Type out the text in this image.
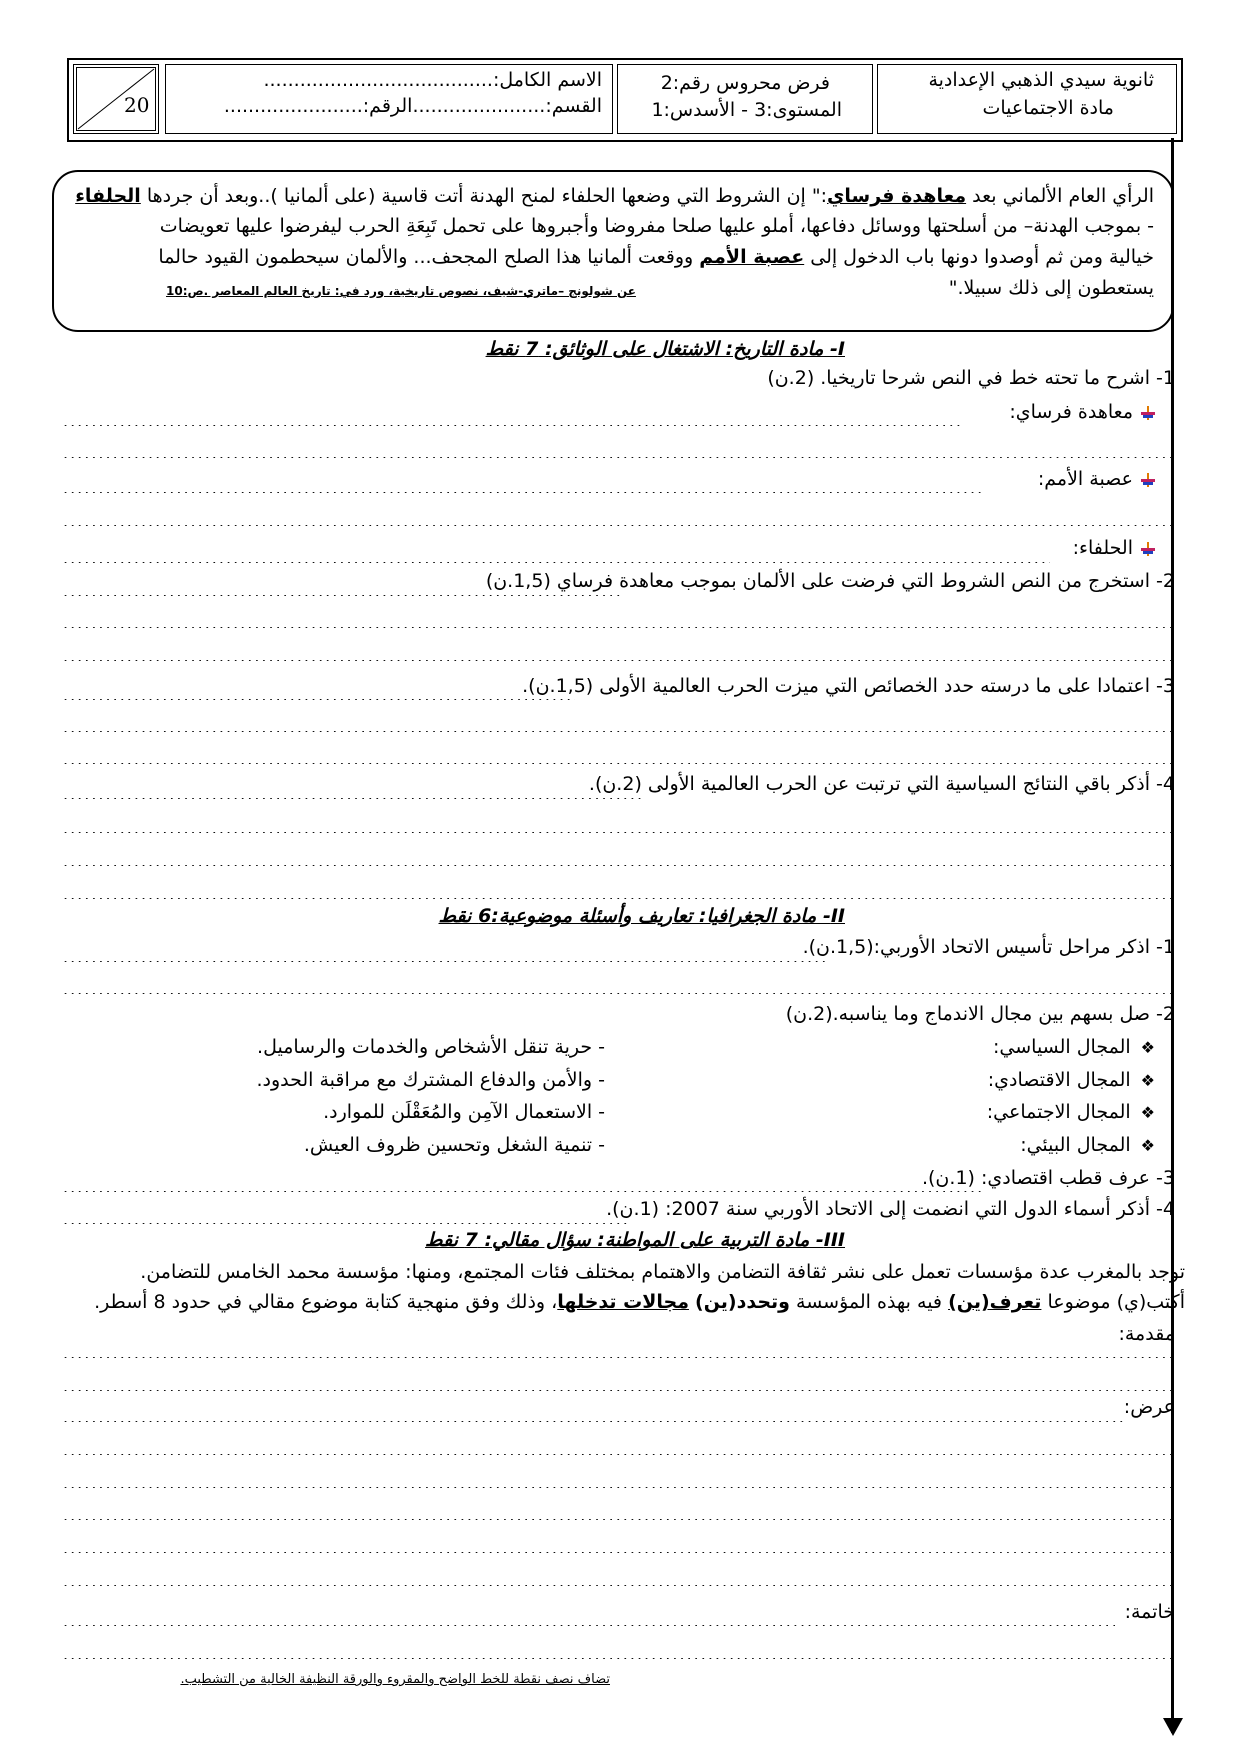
ثانوية سيدي الذهبي الإعدادية
مادة الاجتماعيات
فرض محروس رقم:2
المستوى:3 - الأسدس:1
الاسم الكامل:......................................
القسم:......................الرقم:.......................
20
الرأي العام الألماني بعد معاهدة فرساي:" إن الشروط التي وضعها الحلفاء لمنح الهدنة أتت قاسية (على ألمانيا )..وبعد أن جردها الحلفاء
- بموجب الهدنة– من أسلحتها ووسائل دفاعها، أملو عليها صلحا مفروضا وأجبروها على تحمل تَبِعَةِ الحرب ليفرضوا عليها تعويضات
خيالية ومن ثم أوصدوا دونها باب الدخول إلى عصبة الأمم ووقعت ألمانيا هذا الصلح المجحف... والألمان سيحطمون القيود حالما
يستعطون إلى ذلك سبيلا."
عن شولونج –ماتري-شيف، نصوص تاريخية، ورد في: تاريخ العالم المعاصر .ص:10
I- مادة التاريخ: الاشتغال على الوثائق: 7 نقط
1- اشرح ما تحته خط في النص شرحا تاريخيا. (2.ن)
معاهدة فرساي:
.....
.....
عصبة الأمم:
.....
.....
الحلفاء:
.....
2- استخرج من النص الشروط التي فرضت على الألمان بموجب معاهدة فرساي (1,5.ن)
.....
.....
.....
3- اعتمادا على ما درسته حدد الخصائص التي ميزت الحرب العالمية الأولى (1,5.ن).
.....
.....
.....
4- أذكر باقي النتائج السياسية التي ترتبت عن الحرب العالمية الأولى (2.ن).
.....
.....
.....
.....
II- مادة الجغرافيا: تعاريف وأسئلة موضوعية:6 نقط
1- اذكر مراحل تأسيس الاتحاد الأوربي:(1,5.ن).
.....
.....
2- صل بسهم بين مجال الاندماج وما يناسبه.(2.ن)
❖المجال السياسي:
❖المجال الاقتصادي:
❖المجال الاجتماعي:
❖المجال البيئي:
- حرية تنقل الأشخاص والخدمات والرساميل.
- والأمن والدفاع المشترك مع مراقبة الحدود.
- الاستعمال الآمِن والمُعَقْلَن للموارد.
- تنمية الشغل وتحسين ظروف العيش.
3- عرف قطب اقتصادي: (1.ن).
.....
4- أذكر أسماء الدول التي انضمت إلى الاتحاد الأوربي سنة 2007: (1.ن).
.....
III- مادة التربية على المواطنة: سؤال مقالي: 7 نقط
توجد بالمغرب عدة مؤسسات تعمل على نشر ثقافة التضامن والاهتمام بمختلف فئات المجتمع، ومنها: مؤسسة محمد الخامس للتضامن.
أكتب(ي) موضوعا تعرف(ين) فيه بهذه المؤسسة وتحدد(ين) مجالات تدخلها، وذلك وفق منهجية كتابة موضوع مقالي في حدود 8 أسطر.
مقدمة:
.....
.....
.....
عرض:
.....
.....
.....
.....
.....
خاتمة:
.....
.....
تضاف نصف نقطة للخط الواضح والمقروء والورقة النظيفة الخالية من التشطيب.
